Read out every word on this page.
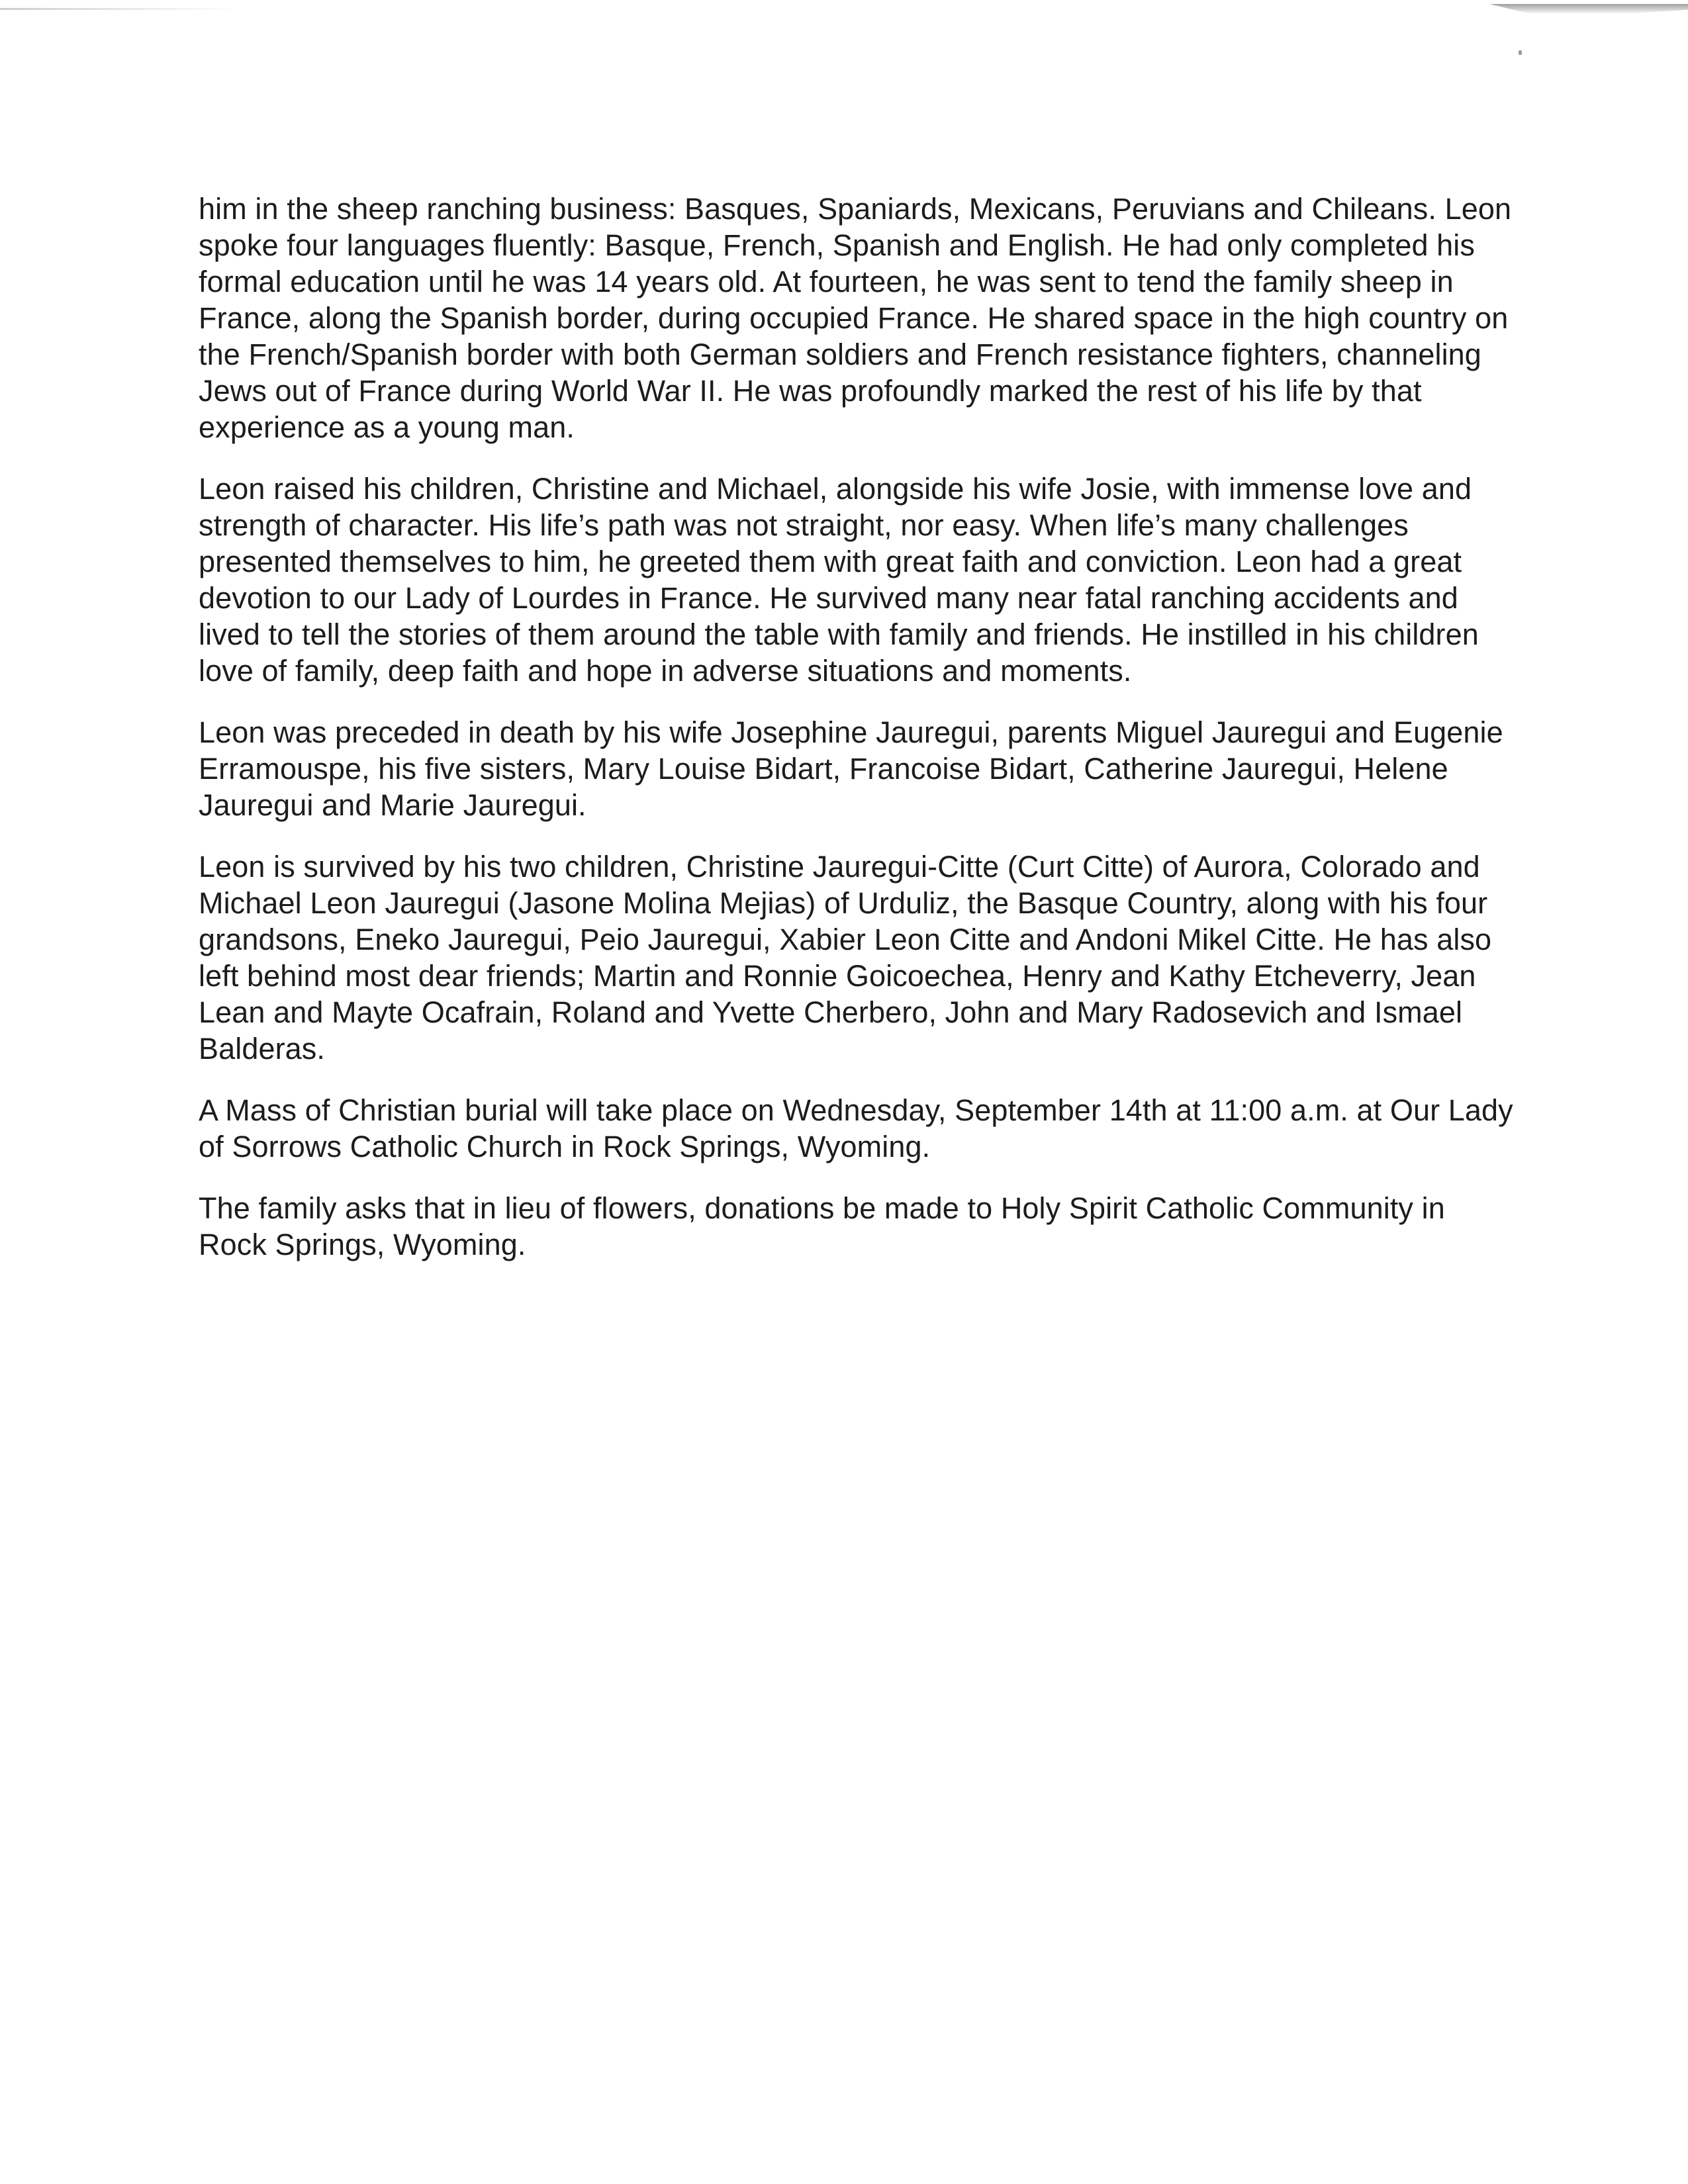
him in the sheep ranching business: Basques, Spaniards, Mexicans, Peruvians and Chileans. Leon spoke four languages fluently: Basque, French, Spanish and English. He had only completed his formal education until he was 14 years old. At fourteen, he was sent to tend the family sheep in France, along the Spanish border, during occupied France. He shared space in the high country on the French/Spanish border with both German soldiers and French resistance fighters, channeling Jews out of France during World War II. He was profoundly marked the rest of his life by that experience as a young man.

Leon raised his children, Christine and Michael, alongside his wife Josie, with immense love and strength of character. His life’s path was not straight, nor easy. When life’s many challenges presented themselves to him, he greeted them with great faith and conviction. Leon had a great devotion to our Lady of Lourdes in France. He survived many near fatal ranching accidents and lived to tell the stories of them around the table with family and friends. He instilled in his children love of family, deep faith and hope in adverse situations and moments.

Leon was preceded in death by his wife Josephine Jauregui, parents Miguel Jauregui and Eugenie Erramouspe, his five sisters, Mary Louise Bidart, Francoise Bidart, Catherine Jauregui, Helene Jauregui and Marie Jauregui.

Leon is survived by his two children, Christine Jauregui-Citte (Curt Citte) of Aurora, Colorado and Michael Leon Jauregui (Jasone Molina Mejias) of Urduliz, the Basque Country, along with his four grandsons, Eneko Jauregui, Peio Jauregui, Xabier Leon Citte and Andoni Mikel Citte. He has also left behind most dear friends; Martin and Ronnie Goicoechea, Henry and Kathy Etcheverry, Jean Lean and Mayte Ocafrain, Roland and Yvette Cherbero, John and Mary Radosevich and Ismael Balderas.

A Mass of Christian burial will take place on Wednesday, September 14th at 11:00 a.m. at Our Lady of Sorrows Catholic Church in Rock Springs, Wyoming.

The family asks that in lieu of flowers, donations be made to Holy Spirit Catholic Community in Rock Springs, Wyoming.
